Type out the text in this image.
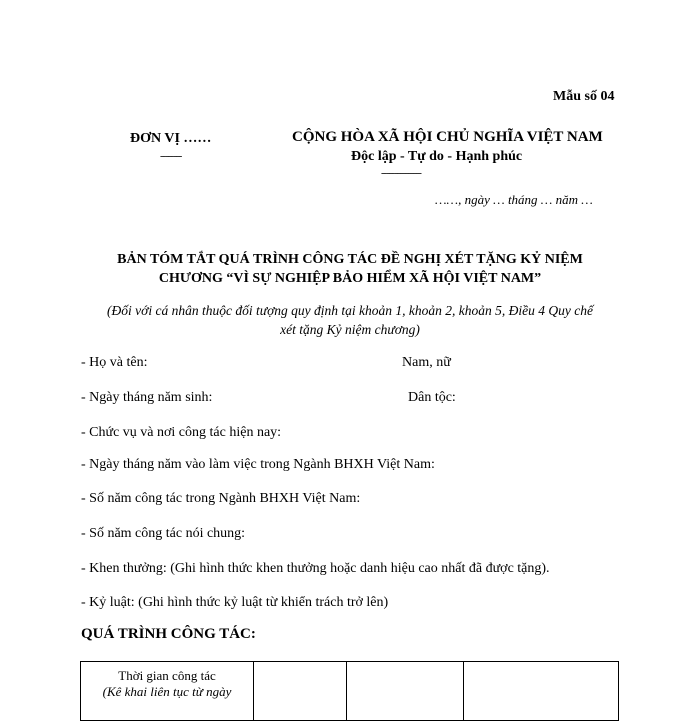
Mẫu số 04
ĐƠN VỊ ……
--------
CỘNG HÒA XÃ HỘI CHỦ NGHĨA VIỆT NAM
Độc lập - Tự do - Hạnh phúc
---------------
……, ngày … tháng … năm …
BẢN TÓM TẮT QUÁ TRÌNH CÔNG TÁC ĐỀ NGHỊ XÉT TẶNG KỶ NIỆM
CHƯƠNG “VÌ SỰ NGHIỆP BẢO HIỂM XÃ HỘI VIỆT NAM”
(Đối với cá nhân thuộc đối tượng quy định tại khoản 1, khoản 2, khoản 5, Điều 4 Quy chế
xét tặng Kỷ niệm chương)
- Họ và tên:	Nam, nữ
- Ngày tháng năm sinh:	Dân tộc:
- Chức vụ và nơi công tác hiện nay:
- Ngày tháng năm vào làm việc trong Ngành BHXH Việt Nam:
- Số năm công tác trong Ngành BHXH Việt Nam:
- Số năm công tác nói chung:
- Khen thưởng: (Ghi hình thức khen thưởng hoặc danh hiệu cao nhất đã được tặng).
- Kỷ luật: (Ghi hình thức kỷ luật từ khiển trách trở lên)
QUÁ TRÌNH CÔNG TÁC:
Thời gian công tác
(Kê khai liên tục từ ngày
